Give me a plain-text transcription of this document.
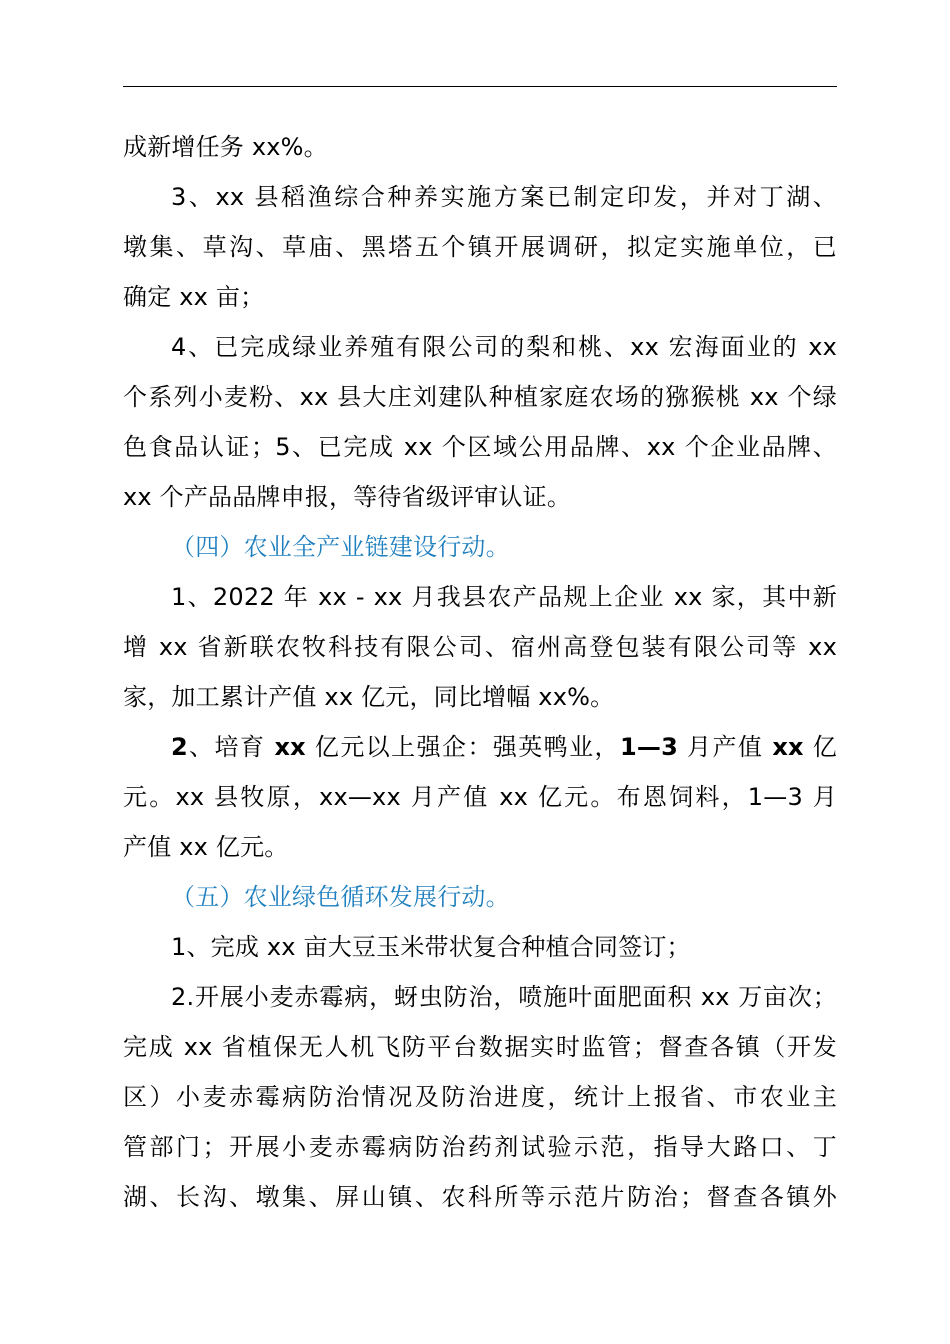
成新增任务 xx%。
3、xx 县稻渔综合种养实施方案已制定印发，并对丁湖、
墩集、草沟、草庙、黑塔五个镇开展调研，拟定实施单位，已
确定 xx 亩；
4、已完成绿业养殖有限公司的梨和桃、xx 宏海面业的 xx
个系列小麦粉、xx 县大庄刘建队种植家庭农场的猕猴桃 xx 个绿
色食品认证；5、已完成 xx 个区域公用品牌、xx 个企业品牌、
xx 个产品品牌申报，等待省级评审认证。
（四）农业全产业链建设行动。
1、2022 年 xx - xx 月我县农产品规上企业 xx 家，其中新
增 xx 省新联农牧科技有限公司、宿州高登包装有限公司等 xx
家，加工累计产值 xx 亿元，同比增幅 xx%。
2、培育 xx 亿元以上强企：强英鸭业，1—3 月产值 xx 亿
元。xx 县牧原，xx—xx 月产值 xx 亿元。布恩饲料，1—3 月
产值 xx 亿元。
（五）农业绿色循环发展行动。
1、完成 xx 亩大豆玉米带状复合种植合同签订；
2.开展小麦赤霉病，蚜虫防治，喷施叶面肥面积 xx 万亩次；
完成 xx 省植保无人机飞防平台数据实时监管；督查各镇（开发
区）小麦赤霉病防治情况及防治进度，统计上报省、市农业主
管部门；开展小麦赤霉病防治药剂试验示范，指导大路口、丁
湖、长沟、墩集、屏山镇、农科所等示范片防治；督查各镇外
